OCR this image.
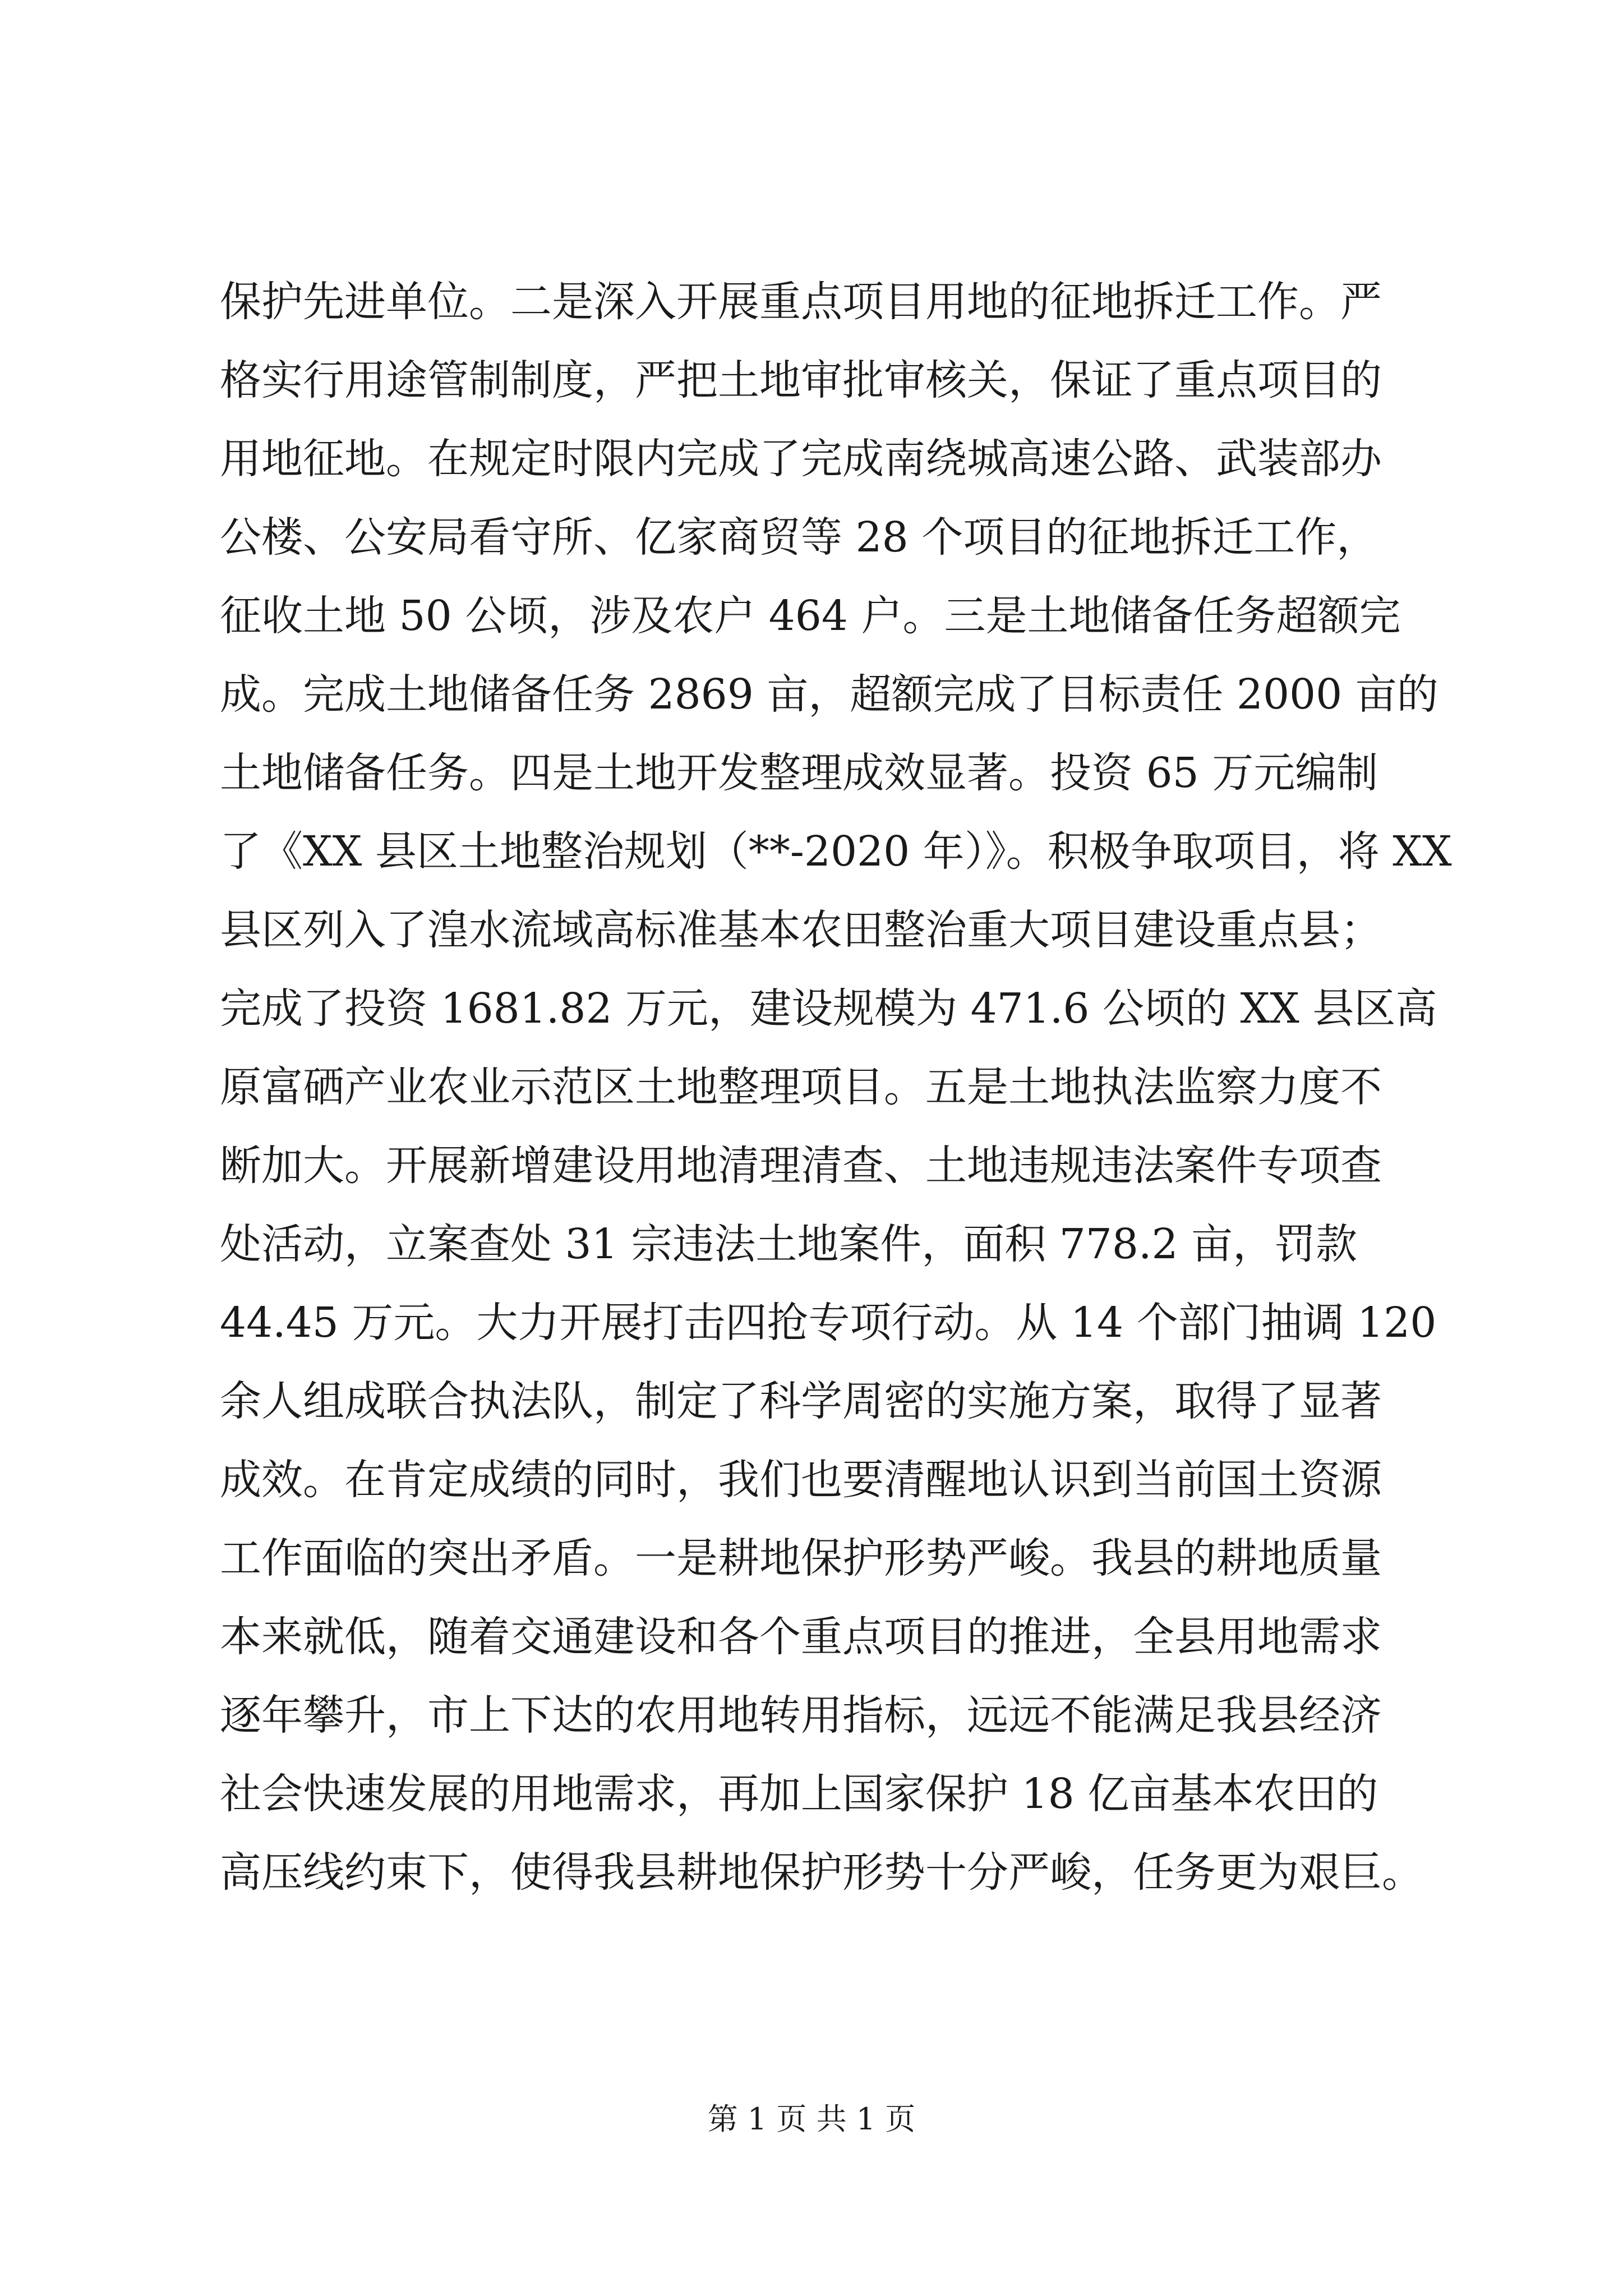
保护先进单位。二是深入开展重点项目用地的征地拆迁工作。严
格实行用途管制制度，严把土地审批审核关，保证了重点项目的
用地征地。在规定时限内完成了完成南绕城高速公路、武装部办
公楼、公安局看守所、亿家商贸等 28 个项目的征地拆迁工作，
征收土地 50 公顷，涉及农户 464 户。三是土地储备任务超额完
成。完成土地储备任务 2869 亩，超额完成了目标责任 2000 亩的
土地储备任务。四是土地开发整理成效显著。投资 65 万元编制
了《XX 县区土地整治规划（**-2020 年）》。积极争取项目，将 XX
县区列入了湟水流域高标准基本农田整治重大项目建设重点县；
完成了投资 1681.82 万元，建设规模为 471.6 公顷的 XX 县区高
原富硒产业农业示范区土地整理项目。五是土地执法监察力度不
断加大。开展新增建设用地清理清查、土地违规违法案件专项查
处活动，立案查处 31 宗违法土地案件，面积 778.2 亩，罚款
44.45 万元。大力开展打击四抢专项行动。从 14 个部门抽调 120
余人组成联合执法队，制定了科学周密的实施方案，取得了显著
成效。在肯定成绩的同时，我们也要清醒地认识到当前国土资源
工作面临的突出矛盾。一是耕地保护形势严峻。我县的耕地质量
本来就低，随着交通建设和各个重点项目的推进，全县用地需求
逐年攀升，市上下达的农用地转用指标，远远不能满足我县经济
社会快速发展的用地需求，再加上国家保护 18 亿亩基本农田的
高压线约束下，使得我县耕地保护形势十分严峻，任务更为艰巨。
第 1 页 共 1 页
